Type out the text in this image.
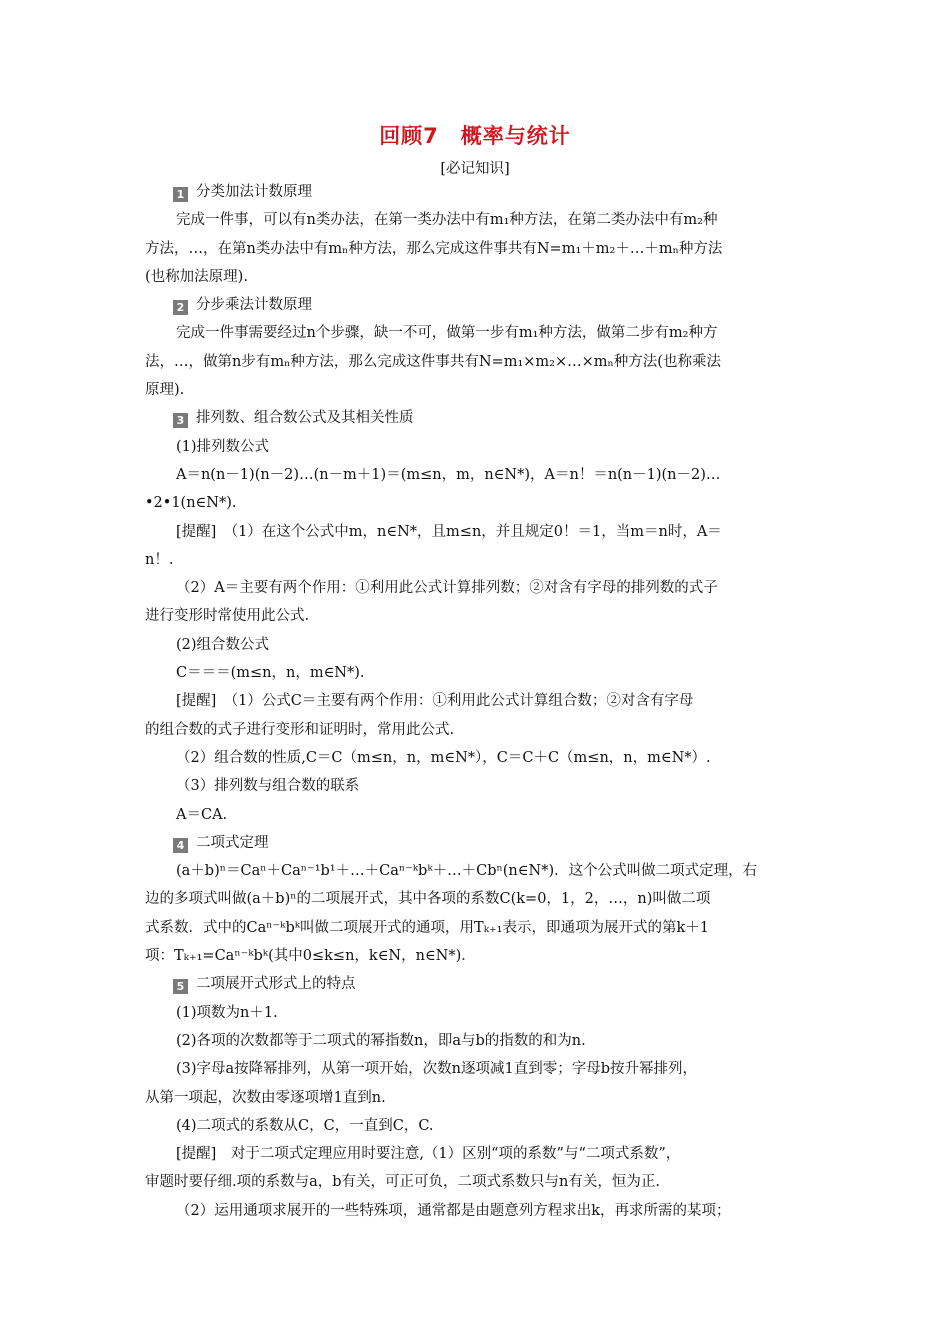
回顾7　概率与统计
[必记知识]
1 分类加法计数原理
完成一件事，可以有n类办法，在第一类办法中有m₁种方法，在第二类办法中有m₂种
方法，…，在第n类办法中有mₙ种方法，那么完成这件事共有N=m₁＋m₂＋…＋mₙ种方法
(也称加法原理).
2 分步乘法计数原理
完成一件事需要经过n个步骤，缺一不可，做第一步有m₁种方法，做第二步有m₂种方
法，…，做第n步有mₙ种方法，那么完成这件事共有N=m₁×m₂×…×mₙ种方法(也称乘法
原理).
3 排列数、组合数公式及其相关性质
(1)排列数公式
A＝n(n－1)(n－2)…(n－m＋1)＝(m≤n，m，n∈N*)，A＝n！＝n(n－1)(n－2)…
•2•1(n∈N*).
[提醒]　（1）在这个公式中m，n∈N*，且m≤n，并且规定0！＝1，当m＝n时，A＝
n！.
（2）A＝主要有两个作用：①利用此公式计算排列数；②对含有字母的排列数的式子
进行变形时常使用此公式.
(2)组合数公式
C＝＝＝(m≤n，n，m∈N*).
[提醒]　（1）公式C＝主要有两个作用：①利用此公式计算组合数；②对含有字母
的组合数的式子进行变形和证明时，常用此公式.
（2）组合数的性质,C＝C（m≤n，n，m∈N*），C＝C＋C（m≤n，n，m∈N*）.
（3）排列数与组合数的联系
A＝CA.
4 二项式定理
(a＋b)ⁿ＝Caⁿ＋Caⁿ⁻¹b¹＋…＋Caⁿ⁻ᵏbᵏ＋…＋Cbⁿ(n∈N*)．这个公式叫做二项式定理，右
边的多项式叫做(a＋b)ⁿ的二项展开式，其中各项的系数C(k=0，1，2，…，n)叫做二项
式系数．式中的Caⁿ⁻ᵏbᵏ叫做二项展开式的通项，用Tₖ₊₁表示，即通项为展开式的第k＋1
项：Tₖ₊₁=Caⁿ⁻ᵏbᵏ(其中0≤k≤n，k∈N，n∈N*)．
5 二项展开式形式上的特点
(1)项数为n＋1.
(2)各项的次数都等于二项式的幂指数n，即a与b的指数的和为n.
(3)字母a按降幂排列，从第一项开始，次数n逐项减1直到零；字母b按升幂排列，
从第一项起，次数由零逐项增1直到n.
(4)二项式的系数从C，C，一直到C，C.
[提醒]　对于二项式定理应用时要注意,（1）区别“项的系数”与“二项式系数”，
审题时要仔细.项的系数与a，b有关，可正可负，二项式系数只与n有关，恒为正.
（2）运用通项求展开的一些特殊项，通常都是由题意列方程求出k，再求所需的某项；
